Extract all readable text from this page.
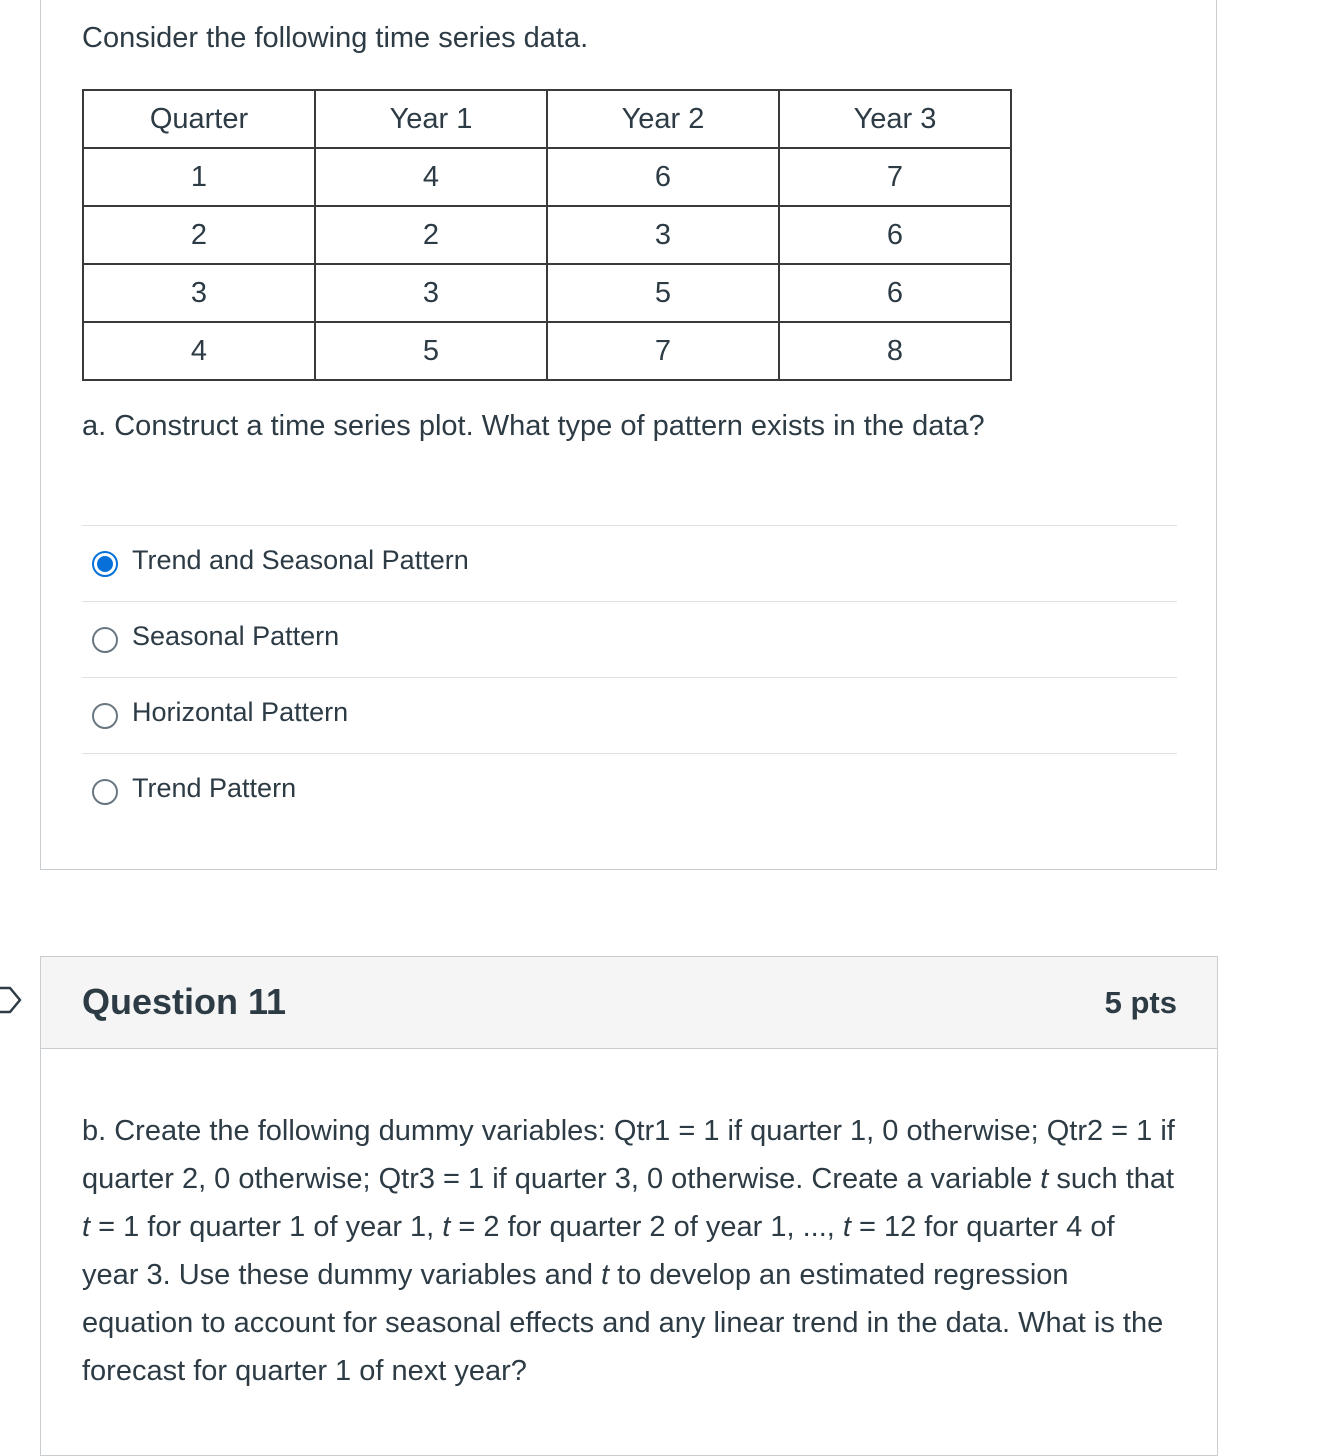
Consider the following time series data.
Quarter	Year 1	Year 2	Year 3
1	4	6	7
2	2	3	6
3	3	5	6
4	5	7	8
a. Construct a time series plot. What type of pattern exists in the data?
Trend and Seasonal Pattern
Seasonal Pattern
Horizontal Pattern
Trend Pattern
Question 11	5 pts

b. Create the following dummy variables: Qtr1 = 1 if quarter 1, 0 otherwise; Qtr2 = 1 if quarter 2, 0 otherwise; Qtr3 = 1 if quarter 3, 0 otherwise. Create a variable t such that t = 1 for quarter 1 of year 1, t = 2 for quarter 2 of year 1, ..., t = 12 for quarter 4 of year 3. Use these dummy variables and t to develop an estimated regression equation to account for seasonal effects and any linear trend in the data. What is the forecast for quarter 1 of next year?
